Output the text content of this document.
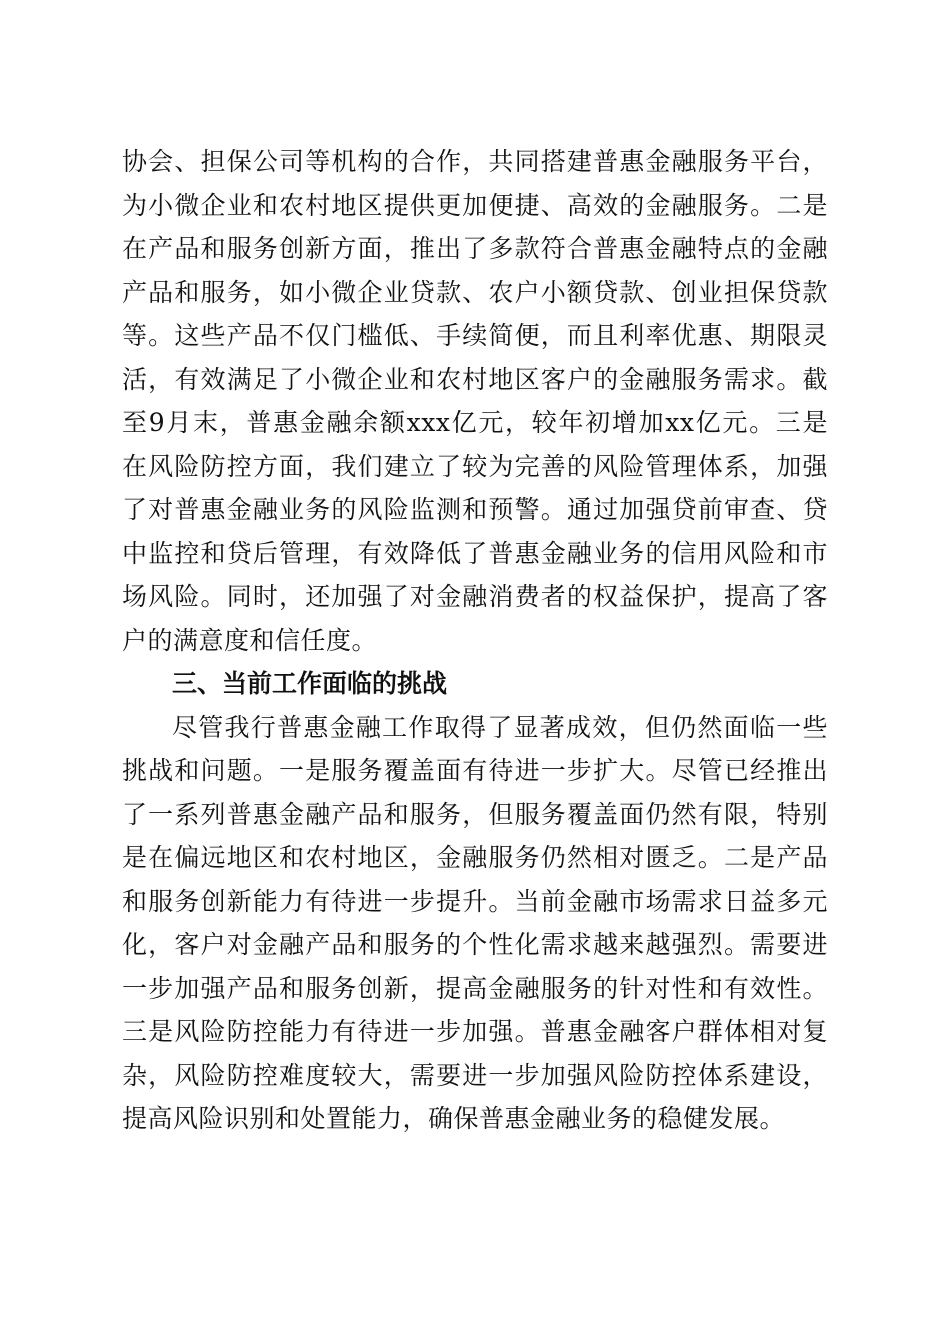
协会、担保公司等机构的合作，共同搭建普惠金融服务平台，
为小微企业和农村地区提供更加便捷、高效的金融服务。二是
在产品和服务创新方面，推出了多款符合普惠金融特点的金融
产品和服务，如小微企业贷款、农户小额贷款、创业担保贷款
等。这些产品不仅门槛低、手续简便，而且利率优惠、期限灵
活，有效满足了小微企业和农村地区客户的金融服务需求。截
至9月末，普惠金融余额xxx亿元，较年初增加xx亿元。三是
在风险防控方面，我们建立了较为完善的风险管理体系，加强
了对普惠金融业务的风险监测和预警。通过加强贷前审查、贷
中监控和贷后管理，有效降低了普惠金融业务的信用风险和市
场风险。同时，还加强了对金融消费者的权益保护，提高了客
户的满意度和信任度。
三、当前工作面临的挑战
尽管我行普惠金融工作取得了显著成效，但仍然面临一些
挑战和问题。一是服务覆盖面有待进一步扩大。尽管已经推出
了一系列普惠金融产品和服务，但服务覆盖面仍然有限，特别
是在偏远地区和农村地区，金融服务仍然相对匮乏。二是产品
和服务创新能力有待进一步提升。当前金融市场需求日益多元
化，客户对金融产品和服务的个性化需求越来越强烈。需要进
一步加强产品和服务创新，提高金融服务的针对性和有效性。
三是风险防控能力有待进一步加强。普惠金融客户群体相对复
杂，风险防控难度较大，需要进一步加强风险防控体系建设，
提高风险识别和处置能力，确保普惠金融业务的稳健发展。
